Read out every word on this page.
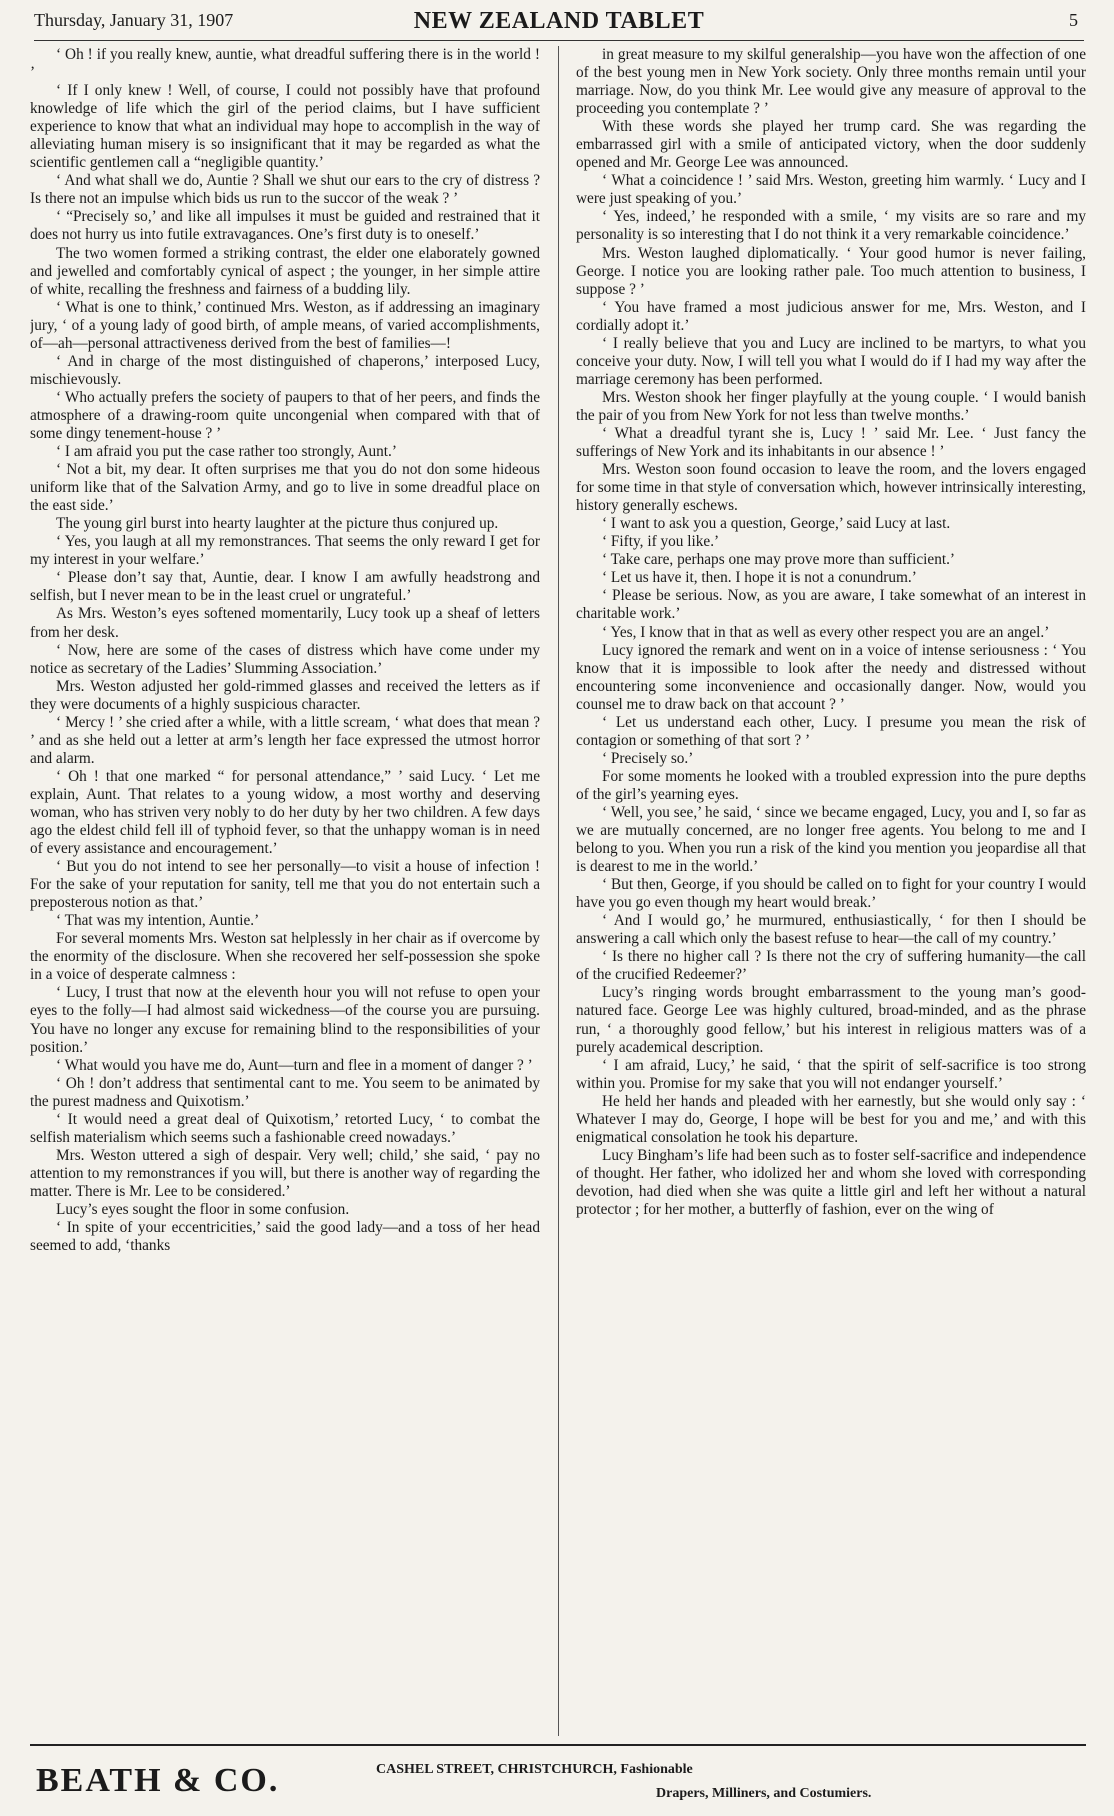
Thursday, January 31, 1907	NEW ZEALAND TABLET	5

‘ Oh ! if you really knew, auntie, what dreadful suffering there is in the world ! ’

‘ If I only knew ! Well, of course, I could not possibly have that profound knowledge of life which the girl of the period claims, but I have sufficient experience to know that what an individual may hope to accomplish in the way of alleviating human misery is so insignificant that it may be regarded as what the scientific gentlemen call a “negligible quantity.’

‘ And what shall we do, Auntie ? Shall we shut our ears to the cry of distress ? Is there not an impulse which bids us run to the succor of the weak ? ’

‘ “Precisely so,’ and like all impulses it must be guided and restrained that it does not hurry us into futile extravagances. One’s first duty is to oneself.’

The two women formed a striking contrast, the elder one elaborately gowned and jewelled and comfortably cynical of aspect ; the younger, in her simple attire of white, recalling the freshness and fairness of a budding lily.

‘ What is one to think,’ continued Mrs. Weston, as if addressing an imaginary jury, ‘ of a young lady of good birth, of ample means, of varied accomplishments, of—ah—personal attractiveness derived from the best of families—!

‘ And in charge of the most distinguished of chaperons,’ interposed Lucy, mischievously.

‘ Who actually prefers the society of paupers to that of her peers, and finds the atmosphere of a drawing-room quite uncongenial when compared with that of some dingy tenement-house ? ’

‘ I am afraid you put the case rather too strongly, Aunt.’

‘ Not a bit, my dear. It often surprises me that you do not don some hideous uniform like that of the Salvation Army, and go to live in some dreadful place on the east side.’

The young girl burst into hearty laughter at the picture thus conjured up.

‘ Yes, you laugh at all my remonstrances. That seems the only reward I get for my interest in your welfare.’

‘ Please don’t say that, Auntie, dear. I know I am awfully headstrong and selfish, but I never mean to be in the least cruel or ungrateful.’

As Mrs. Weston’s eyes softened momentarily, Lucy took up a sheaf of letters from her desk.

‘ Now, here are some of the cases of distress which have come under my notice as secretary of the Ladies’ Slumming Association.’

Mrs. Weston adjusted her gold-rimmed glasses and received the letters as if they were documents of a highly suspicious character.

‘ Mercy ! ’ she cried after a while, with a little scream, ‘ what does that mean ? ’ and as she held out a letter at arm’s length her face expressed the utmost horror and alarm.

‘ Oh ! that one marked “ for personal attendance,” ’ said Lucy. ‘ Let me explain, Aunt. That relates to a young widow, a most worthy and deserving woman, who has striven very nobly to do her duty by her two children. A few days ago the eldest child fell ill of typhoid fever, so that the unhappy woman is in need of every assistance and encouragement.’

‘ But you do not intend to see her personally—to visit a house of infection ! For the sake of your reputation for sanity, tell me that you do not entertain such a preposterous notion as that.’

‘ That was my intention, Auntie.’

For several moments Mrs. Weston sat helplessly in her chair as if overcome by the enormity of the disclosure. When she recovered her self-possession she spoke in a voice of desperate calmness :

‘ Lucy, I trust that now at the eleventh hour you will not refuse to open your eyes to the folly—I had almost said wickedness—of the course you are pursuing. You have no longer any excuse for remaining blind to the responsibilities of your position.’

‘ What would you have me do, Aunt—turn and flee in a moment of danger ? ’

‘ Oh ! don’t address that sentimental cant to me. You seem to be animated by the purest madness and Quixotism.’

‘ It would need a great deal of Quixotism,’ retorted Lucy, ‘ to combat the selfish materialism which seems such a fashionable creed nowadays.’

Mrs. Weston uttered a sigh of despair. Very well; child,’ she said, ‘ pay no attention to my remonstrances if you will, but there is another way of regarding the matter. There is Mr. Lee to be considered.’

Lucy’s eyes sought the floor in some confusion.

‘ In spite of your eccentricities,’ said the good lady—and a toss of her head seemed to add, ‘thanks

in great measure to my skilful generalship—you have won the affection of one of the best young men in New York society. Only three months remain until your marriage. Now, do you think Mr. Lee would give any measure of approval to the proceeding you contemplate ? ’

With these words she played her trump card. She was regarding the embarrassed girl with a smile of anticipated victory, when the door suddenly opened and Mr. George Lee was announced.

‘ What a coincidence ! ’ said Mrs. Weston, greeting him warmly. ‘ Lucy and I were just speaking of you.’

‘ Yes, indeed,’ he responded with a smile, ‘ my visits are so rare and my personality is so interesting that I do not think it a very remarkable coincidence.’

Mrs. Weston laughed diplomatically. ‘ Your good humor is never failing, George. I notice you are looking rather pale. Too much attention to business, I suppose ? ’

‘ You have framed a most judicious answer for me, Mrs. Weston, and I cordially adopt it.’

‘ I really believe that you and Lucy are inclined to be martyrs, to what you conceive your duty. Now, I will tell you what I would do if I had my way after the marriage ceremony has been performed.

Mrs. Weston shook her finger playfully at the young couple. ‘ I would banish the pair of you from New York for not less than twelve months.’

‘ What a dreadful tyrant she is, Lucy ! ’ said Mr. Lee. ‘ Just fancy the sufferings of New York and its inhabitants in our absence ! ’

Mrs. Weston soon found occasion to leave the room, and the lovers engaged for some time in that style of conversation which, however intrinsically interesting, history generally eschews.

‘ I want to ask you a question, George,’ said Lucy at last.

‘ Fifty, if you like.’

‘ Take care, perhaps one may prove more than sufficient.’

‘ Let us have it, then. I hope it is not a conundrum.’

‘ Please be serious. Now, as you are aware, I take somewhat of an interest in charitable work.’

‘ Yes, I know that in that as well as every other respect you are an angel.’

Lucy ignored the remark and went on in a voice of intense seriousness : ‘ You know that it is impossible to look after the needy and distressed without encountering some inconvenience and occasionally danger. Now, would you counsel me to draw back on that account ? ’

‘ Let us understand each other, Lucy. I presume you mean the risk of contagion or something of that sort ? ’

‘ Precisely so.’

For some moments he looked with a troubled expression into the pure depths of the girl’s yearning eyes.

‘ Well, you see,’ he said, ‘ since we became engaged, Lucy, you and I, so far as we are mutually concerned, are no longer free agents. You belong to me and I belong to you. When you run a risk of the kind you mention you jeopardise all that is dearest to me in the world.’

‘ But then, George, if you should be called on to fight for your country I would have you go even though my heart would break.’

‘ And I would go,’ he murmured, enthusiastically, ‘ for then I should be answering a call which only the basest refuse to hear—the call of my country.’

‘ Is there no higher call ? Is there not the cry of suffering humanity—the call of the crucified Redeemer?’

Lucy’s ringing words brought embarrassment to the young man’s good-natured face. George Lee was highly cultured, broad-minded, and as the phrase run, ‘ a thoroughly good fellow,’ but his interest in religious matters was of a purely academical description.

‘ I am afraid, Lucy,’ he said, ‘ that the spirit of self-sacrifice is too strong within you. Promise for my sake that you will not endanger yourself.’

He held her hands and pleaded with her earnestly, but she would only say : ‘ Whatever I may do, George, I hope will be best for you and me,’ and with this enigmatical consolation he took his departure.

Lucy Bingham’s life had been such as to foster self-sacrifice and independence of thought. Her father, who idolized her and whom she loved with corresponding devotion, had died when she was quite a little girl and left her without a natural protector ; for her mother, a butterfly of fashion, ever on the wing of

BEATH & CO.	CASHEL STREET, CHRISTCHURCH, Fashionable
Drapers, Milliners, and Costumiers.
